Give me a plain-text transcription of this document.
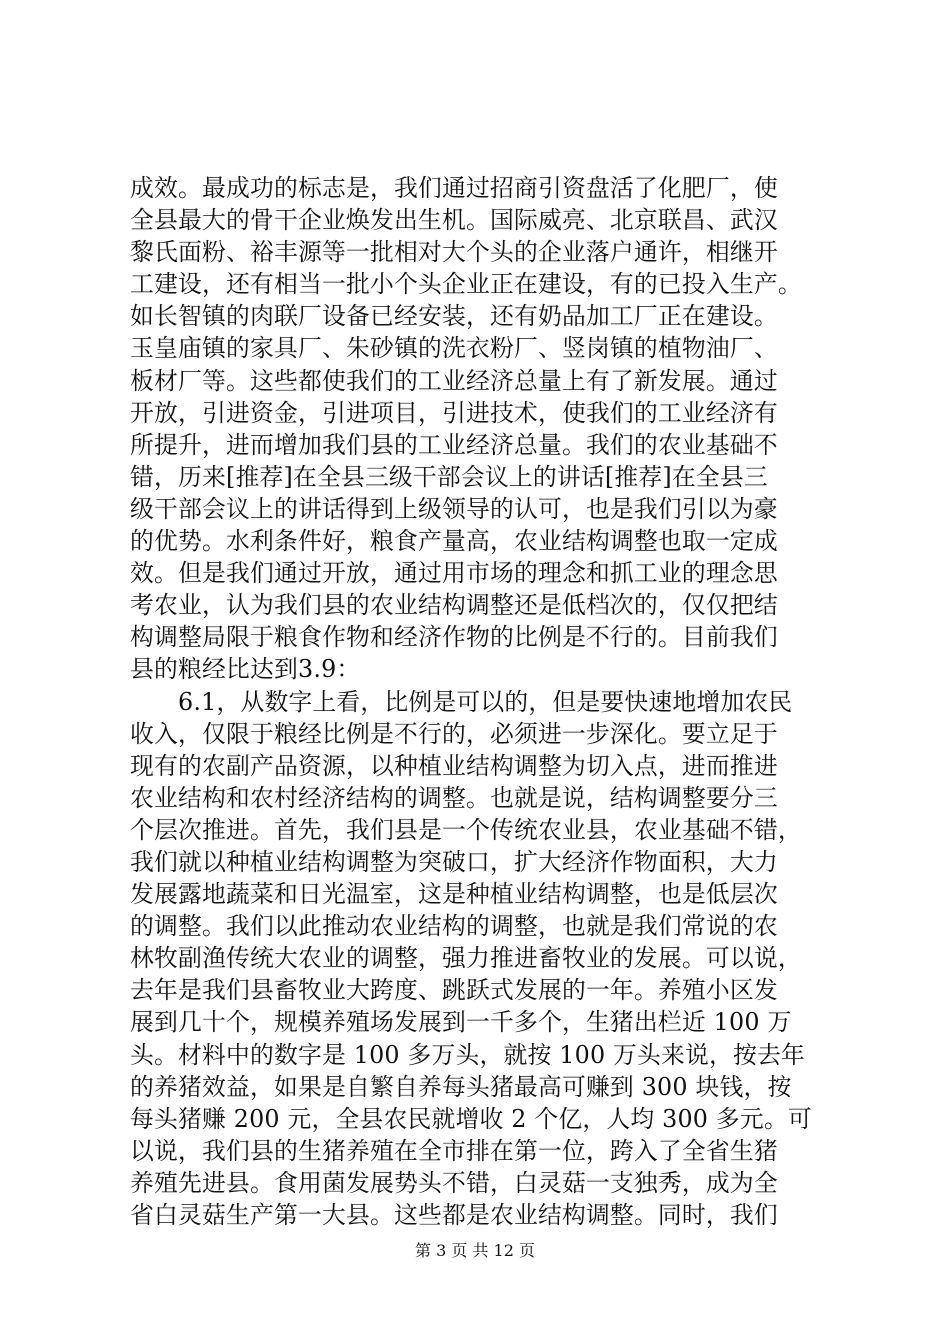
成效。最成功的标志是，我们通过招商引资盘活了化肥厂，使
全县最大的骨干企业焕发出生机。国际威亮、北京联昌、武汉
黎氏面粉、裕丰源等一批相对大个头的企业落户通许，相继开
工建设，还有相当一批小个头企业正在建设，有的已投入生产。
如长智镇的肉联厂设备已经安装，还有奶品加工厂正在建设。
玉皇庙镇的家具厂、朱砂镇的洗衣粉厂、竖岗镇的植物油厂、
板材厂等。这些都使我们的工业经济总量上有了新发展。通过
开放，引进资金，引进项目，引进技术，使我们的工业经济有
所提升，进而增加我们县的工业经济总量。我们的农业基础不
错，历来[推荐]在全县三级干部会议上的讲话[推荐]在全县三
级干部会议上的讲话得到上级领导的认可，也是我们引以为豪
的优势。水利条件好，粮食产量高，农业结构调整也取一定成
效。但是我们通过开放，通过用市场的理念和抓工业的理念思
考农业，认为我们县的农业结构调整还是低档次的，仅仅把结
构调整局限于粮食作物和经济作物的比例是不行的。目前我们
县的粮经比达到3.9：
6.1，从数字上看，比例是可以的，但是要快速地增加农民
收入，仅限于粮经比例是不行的，必须进一步深化。要立足于
现有的农副产品资源，以种植业结构调整为切入点，进而推进
农业结构和农村经济结构的调整。也就是说，结构调整要分三
个层次推进。首先，我们县是一个传统农业县，农业基础不错，
我们就以种植业结构调整为突破口，扩大经济作物面积，大力
发展露地蔬菜和日光温室，这是种植业结构调整，也是低层次
的调整。我们以此推动农业结构的调整，也就是我们常说的农
林牧副渔传统大农业的调整，强力推进畜牧业的发展。可以说，
去年是我们县畜牧业大跨度、跳跃式发展的一年。养殖小区发
展到几十个，规模养殖场发展到一千多个，生猪出栏近 100 万
头。材料中的数字是 100 多万头，就按 100 万头来说，按去年
的养猪效益，如果是自繁自养每头猪最高可赚到 300 块钱，按
每头猪赚 200 元，全县农民就增收 2 个亿，人均 300 多元。可
以说，我们县的生猪养殖在全市排在第一位，跨入了全省生猪
养殖先进县。食用菌发展势头不错，白灵菇一支独秀，成为全
省白灵菇生产第一大县。这些都是农业结构调整。同时，我们
第 3 页 共 12 页
